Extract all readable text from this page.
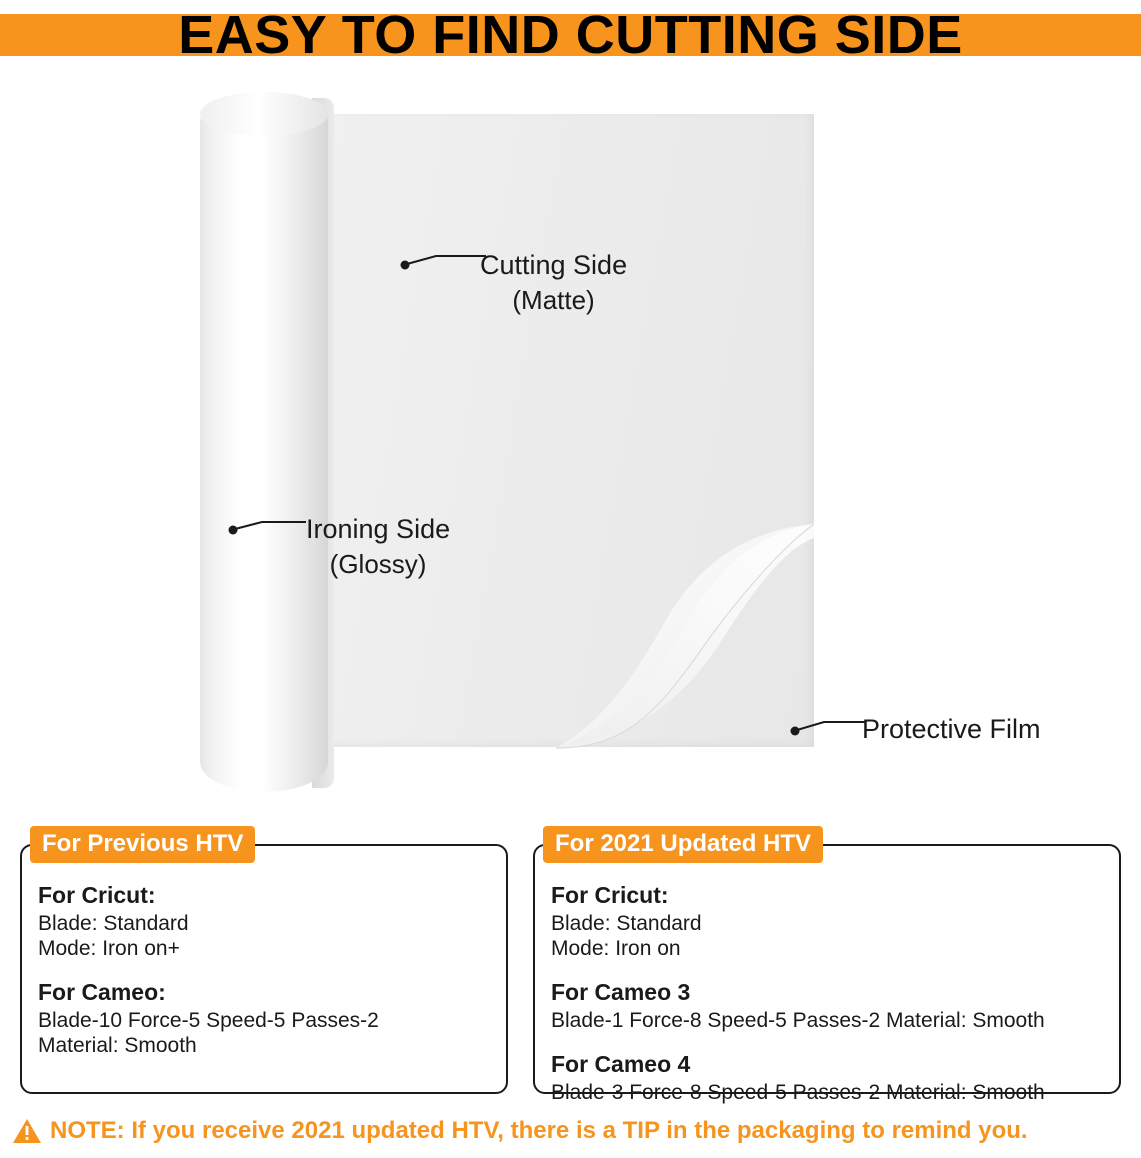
EASY TO FIND CUTTING SIDE
Cutting Side
(Matte)
Ironing Side
(Glossy)
Protective Film
For Previous HTV

For Cricut:

Blade: Standard

Mode: Iron on+

For Cameo:

Blade-10 Force-5 Speed-5 Passes-2

Material: Smooth

For 2021 Updated HTV

For Cricut:

Blade: Standard

Mode: Iron on

For Cameo 3

Blade-1 Force-8 Speed-5 Passes-2 Material: Smooth

For Cameo 4

Blade-3 Force-8 Speed-5 Passes-2 Material: Smooth

NOTE: If you receive 2021 updated HTV, there is a TIP in the packaging to remind you.
